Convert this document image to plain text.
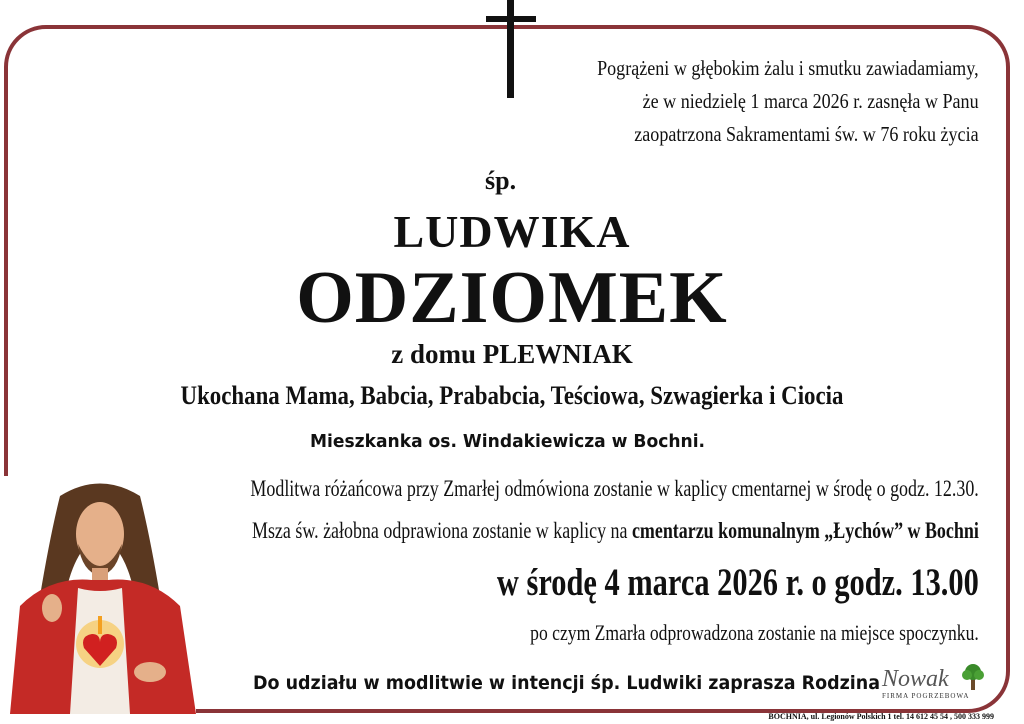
Pogrążeni w głębokim żalu i smutku zawiadamiamy,
że w niedzielę 1 marca 2026 r. zasnęła w Panu
zaopatrzona Sakramentami św. w 76 roku życia
śp.
LUDWIKA
ODZIOMEK
z domu PLEWNIAK
Ukochana Mama, Babcia, Prababcia, Teściowa, Szwagierka i Ciocia
Mieszkanka os. Windakiewicza w Bochni.
Modlitwa różańcowa przy Zmarłej odmówiona zostanie w kaplicy cmentarnej w środę o godz. 12.30.
Msza św. żałobna odprawiona zostanie w kaplicy na cmentarzu komunalnym „Łychów” w Bochni
w środę 4 marca 2026 r. o godz. 13.00
po czym Zmarła odprowadzona zostanie na miejsce spoczynku.
Do udziału w modlitwie w intencji śp. Ludwiki zaprasza Rodzina Nowak
FIRMA POGRZEBOWA
BOCHNIA, ul. Legionów Polskich 1 tel. 14 612 45 54 , 500 333 999
